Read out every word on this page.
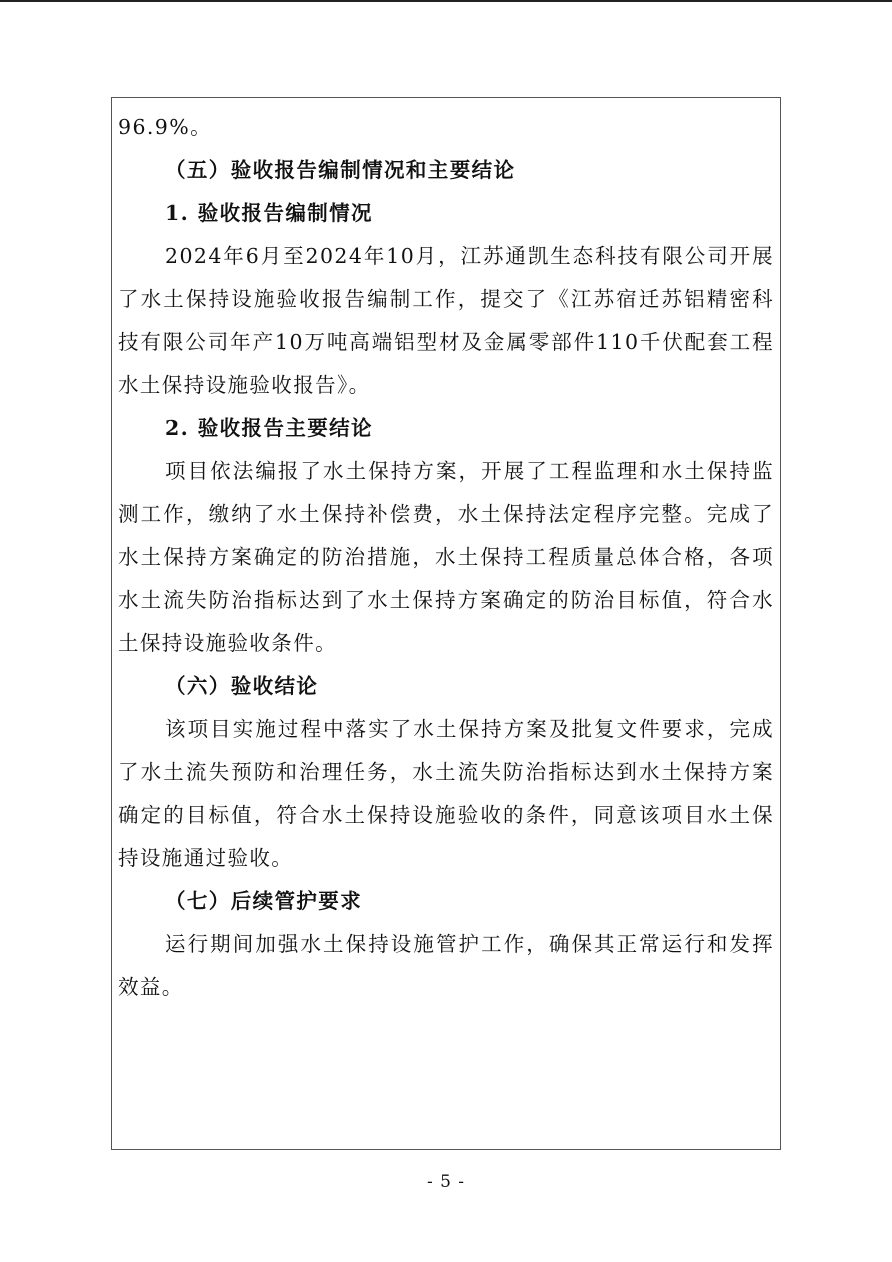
96.9%。

（五）验收报告编制情况和主要结论

1. 验收报告编制情况

2024年6月至2024年10月，江苏通凯生态科技有限公司开展了水土保持设施验收报告编制工作，提交了《江苏宿迁苏铝精密科技有限公司年产10万吨高端铝型材及金属零部件110千伏配套工程水土保持设施验收报告》。

2. 验收报告主要结论

项目依法编报了水土保持方案，开展了工程监理和水土保持监测工作，缴纳了水土保持补偿费，水土保持法定程序完整。完成了水土保持方案确定的防治措施，水土保持工程质量总体合格，各项水土流失防治指标达到了水土保持方案确定的防治目标值，符合水土保持设施验收条件。

（六）验收结论

该项目实施过程中落实了水土保持方案及批复文件要求，完成了水土流失预防和治理任务，水土流失防治指标达到水土保持方案确定的目标值，符合水土保持设施验收的条件，同意该项目水土保持设施通过验收。

（七）后续管护要求

运行期间加强水土保持设施管护工作，确保其正常运行和发挥效益。

- 5 -
